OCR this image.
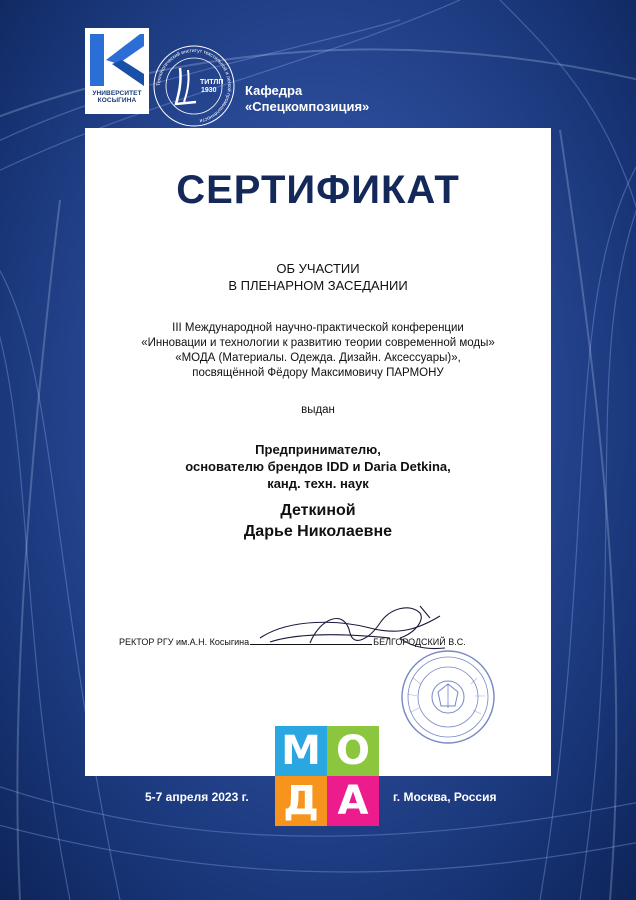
УНИВЕРСИТЕТ
КОСЫГИНА
Технологический институт текстильной и легкой промышленности
ТИТЛП
1930 Кафедра
«Спецкомпозиция»
СЕРТИФИКАТ
ОБ УЧАСТИИ
В ПЛЕНАРНОМ ЗАСЕДАНИИ
III Международной научно-практической конференции
«Инновации и технологии к развитию теории современной моды»
«МОДА (Материалы. Одежда. Дизайн. Аксессуары)»,
посвящённой Фёдору Максимовичу ПАРМОНУ
выдан
Предпринимателю,
основателю брендов IDD и Daria Detkina,
канд. техн. наук
Деткиной
Дарье Николаевне
РЕКТОР РГУ им.А.Н. Косыгина	БЕЛГОРОДСКИЙ В.С.
5-7 апреля 2023 г.	г. Москва, Россия
М О
Д А
